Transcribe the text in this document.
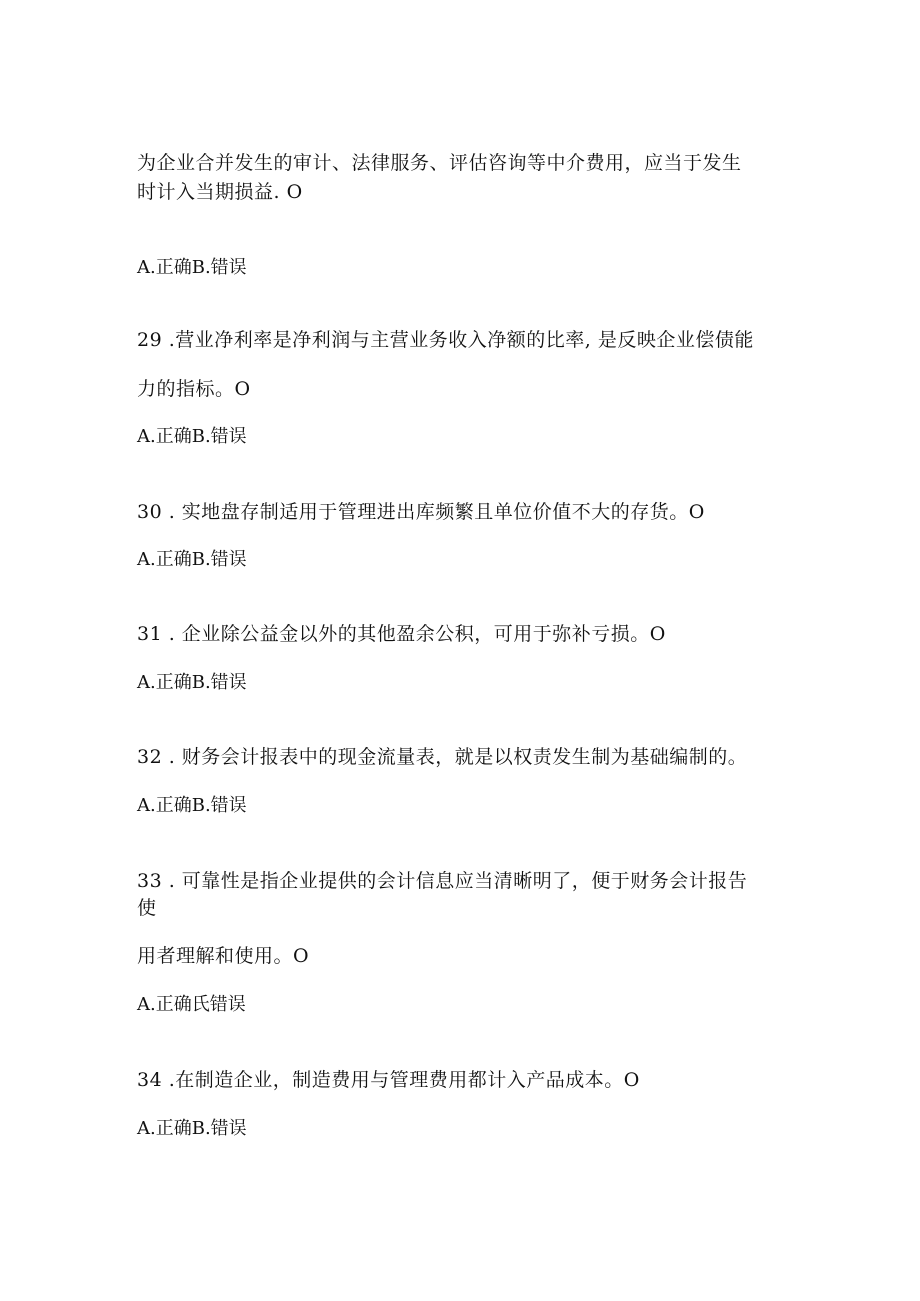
为企业合并发生的审计、法律服务、评估咨询等中介费用，应当于发生
时计入当期损益. O
A.正确B.错误
29 .营业净利率是净利润与主营业务收入净额的比率, 是反映企业偿债能
力的指标。O
A.正确B.错误
30 . 实地盘存制适用于管理进出库频繁且单位价值不大的存货。O
A.正确B.错误
31 . 企业除公益金以外的其他盈余公积，可用于弥补亏损。O
A.正确B.错误
32 . 财务会计报表中的现金流量表，就是以权责发生制为基础编制的。
A.正确B.错误
33 . 可靠性是指企业提供的会计信息应当清晰明了，便于财务会计报告
使
用者理解和使用。O
A.正确氏错误
34 .在制造企业，制造费用与管理费用都计入产品成本。O
A.正确B.错误
